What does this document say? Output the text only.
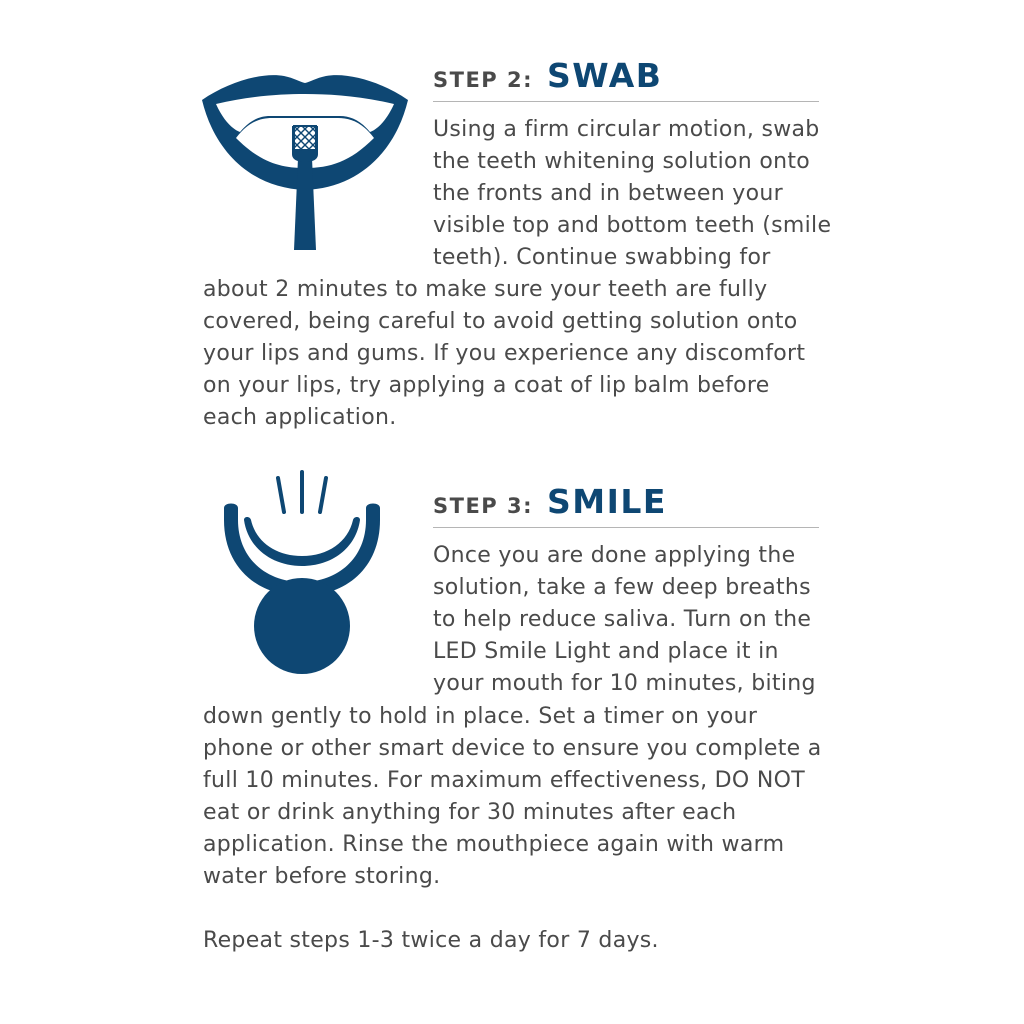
STEP 2: SWAB
Using a firm circular motion, swab
the teeth whitening solution onto
the fronts and in between your
visible top and bottom teeth (smile
teeth). Continue swabbing for
about 2 minutes to make sure your teeth are fully
covered, being careful to avoid getting solution onto
your lips and gums. If you experience any discomfort
on your lips, try applying a coat of lip balm before
each application.
STEP 3: SMILE
Once you are done applying the
solution, take a few deep breaths
to help reduce saliva. Turn on the
LED Smile Light and place it in
your mouth for 10 minutes, biting
down gently to hold in place. Set a timer on your
phone or other smart device to ensure you complete a
full 10 minutes. For maximum effectiveness, DO NOT
eat or drink anything for 30 minutes after each
application. Rinse the mouthpiece again with warm
water before storing.
Repeat steps 1-3 twice a day for 7 days.
